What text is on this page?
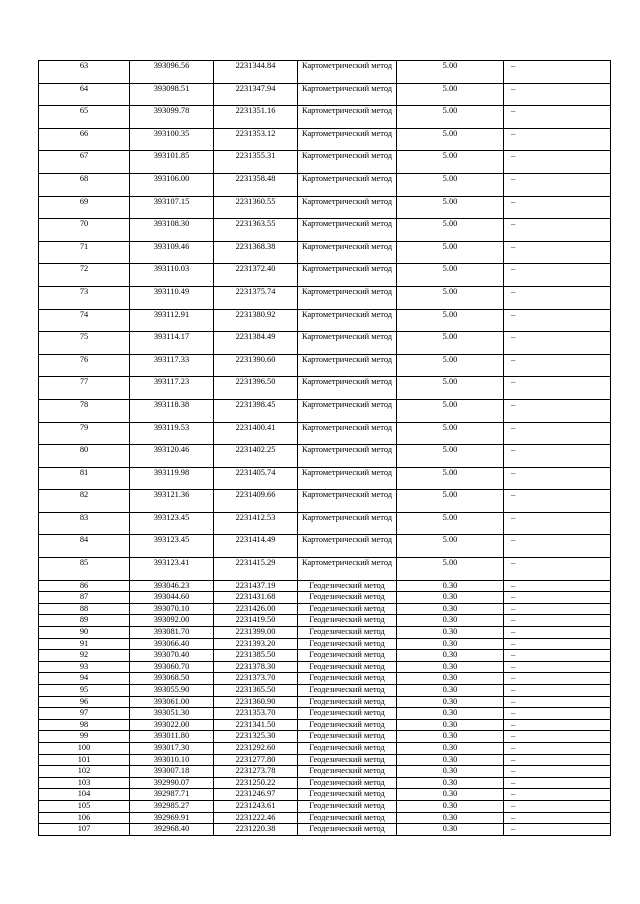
63	393096.56	2231344.84	Картометрический метод	5.00	–
64	393098.51	2231347.94	Картометрический метод	5.00	–
65	393099.78	2231351.16	Картометрический метод	5.00	–
66	393100.35	2231353.12	Картометрический метод	5.00	–
67	393101.85	2231355.31	Картометрический метод	5.00	–
68	393106.00	2231358.48	Картометрический метод	5.00	–
69	393107.15	2231360.55	Картометрический метод	5.00	–
70	393108.30	2231363.55	Картометрический метод	5.00	–
71	393109.46	2231368.38	Картометрический метод	5.00	–
72	393110.03	2231372.40	Картометрический метод	5.00	–
73	393110.49	2231375.74	Картометрический метод	5.00	–
74	393112.91	2231380.92	Картометрический метод	5.00	–
75	393114.17	2231384.49	Картометрический метод	5.00	–
76	393117.33	2231390.60	Картометрический метод	5.00	–
77	393117.23	2231396.50	Картометрический метод	5.00	–
78	393118.38	2231398.45	Картометрический метод	5.00	–
79	393119.53	2231400.41	Картометрический метод	5.00	–
80	393120.46	2231402.25	Картометрический метод	5.00	–
81	393119.98	2231405.74	Картометрический метод	5.00	–
82	393121.36	2231409.66	Картометрический метод	5.00	–
83	393123.45	2231412.53	Картометрический метод	5.00	–
84	393123.45	2231414.49	Картометрический метод	5.00	–
85	393123.41	2231415.29	Картометрический метод	5.00	–
86	393046.23	2231437.19	Геодезический метод	0.30	–
87	393044.60	2231431.68	Геодезический метод	0.30	–
88	393070.10	2231426.00	Геодезический метод	0.30	–
89	393092.00	2231419.50	Геодезический метод	0.30	–
90	393081.70	2231399.00	Геодезический метод	0.30	–
91	393066.40	2231393.20	Геодезический метод	0.30	–
92	393070.40	2231385.50	Геодезический метод	0.30	–
93	393060.70	2231378.30	Геодезический метод	0.30	–
94	393068.50	2231373.70	Геодезический метод	0.30	–
95	393055.90	2231365.50	Геодезический метод	0.30	–
96	393061.00	2231360.90	Геодезический метод	0.30	–
97	393051.30	2231353.70	Геодезический метод	0.30	–
98	393022.00	2231341.50	Геодезический метод	0.30	–
99	393011.80	2231325.30	Геодезический метод	0.30	–
100	393017.30	2231292.60	Геодезический метод	0.30	–
101	393010.10	2231277.80	Геодезический метод	0.30	–
102	393007.18	2231273.78	Геодезический метод	0.30	–
103	392990.07	2231250.22	Геодезический метод	0.30	–
104	392987.71	2231246.97	Геодезический метод	0.30	–
105	392985.27	2231243.61	Геодезический метод	0.30	–
106	392969.91	2231222.46	Геодезический метод	0.30	–
107	392968.40	2231220.38	Геодезический метод	0.30	–
